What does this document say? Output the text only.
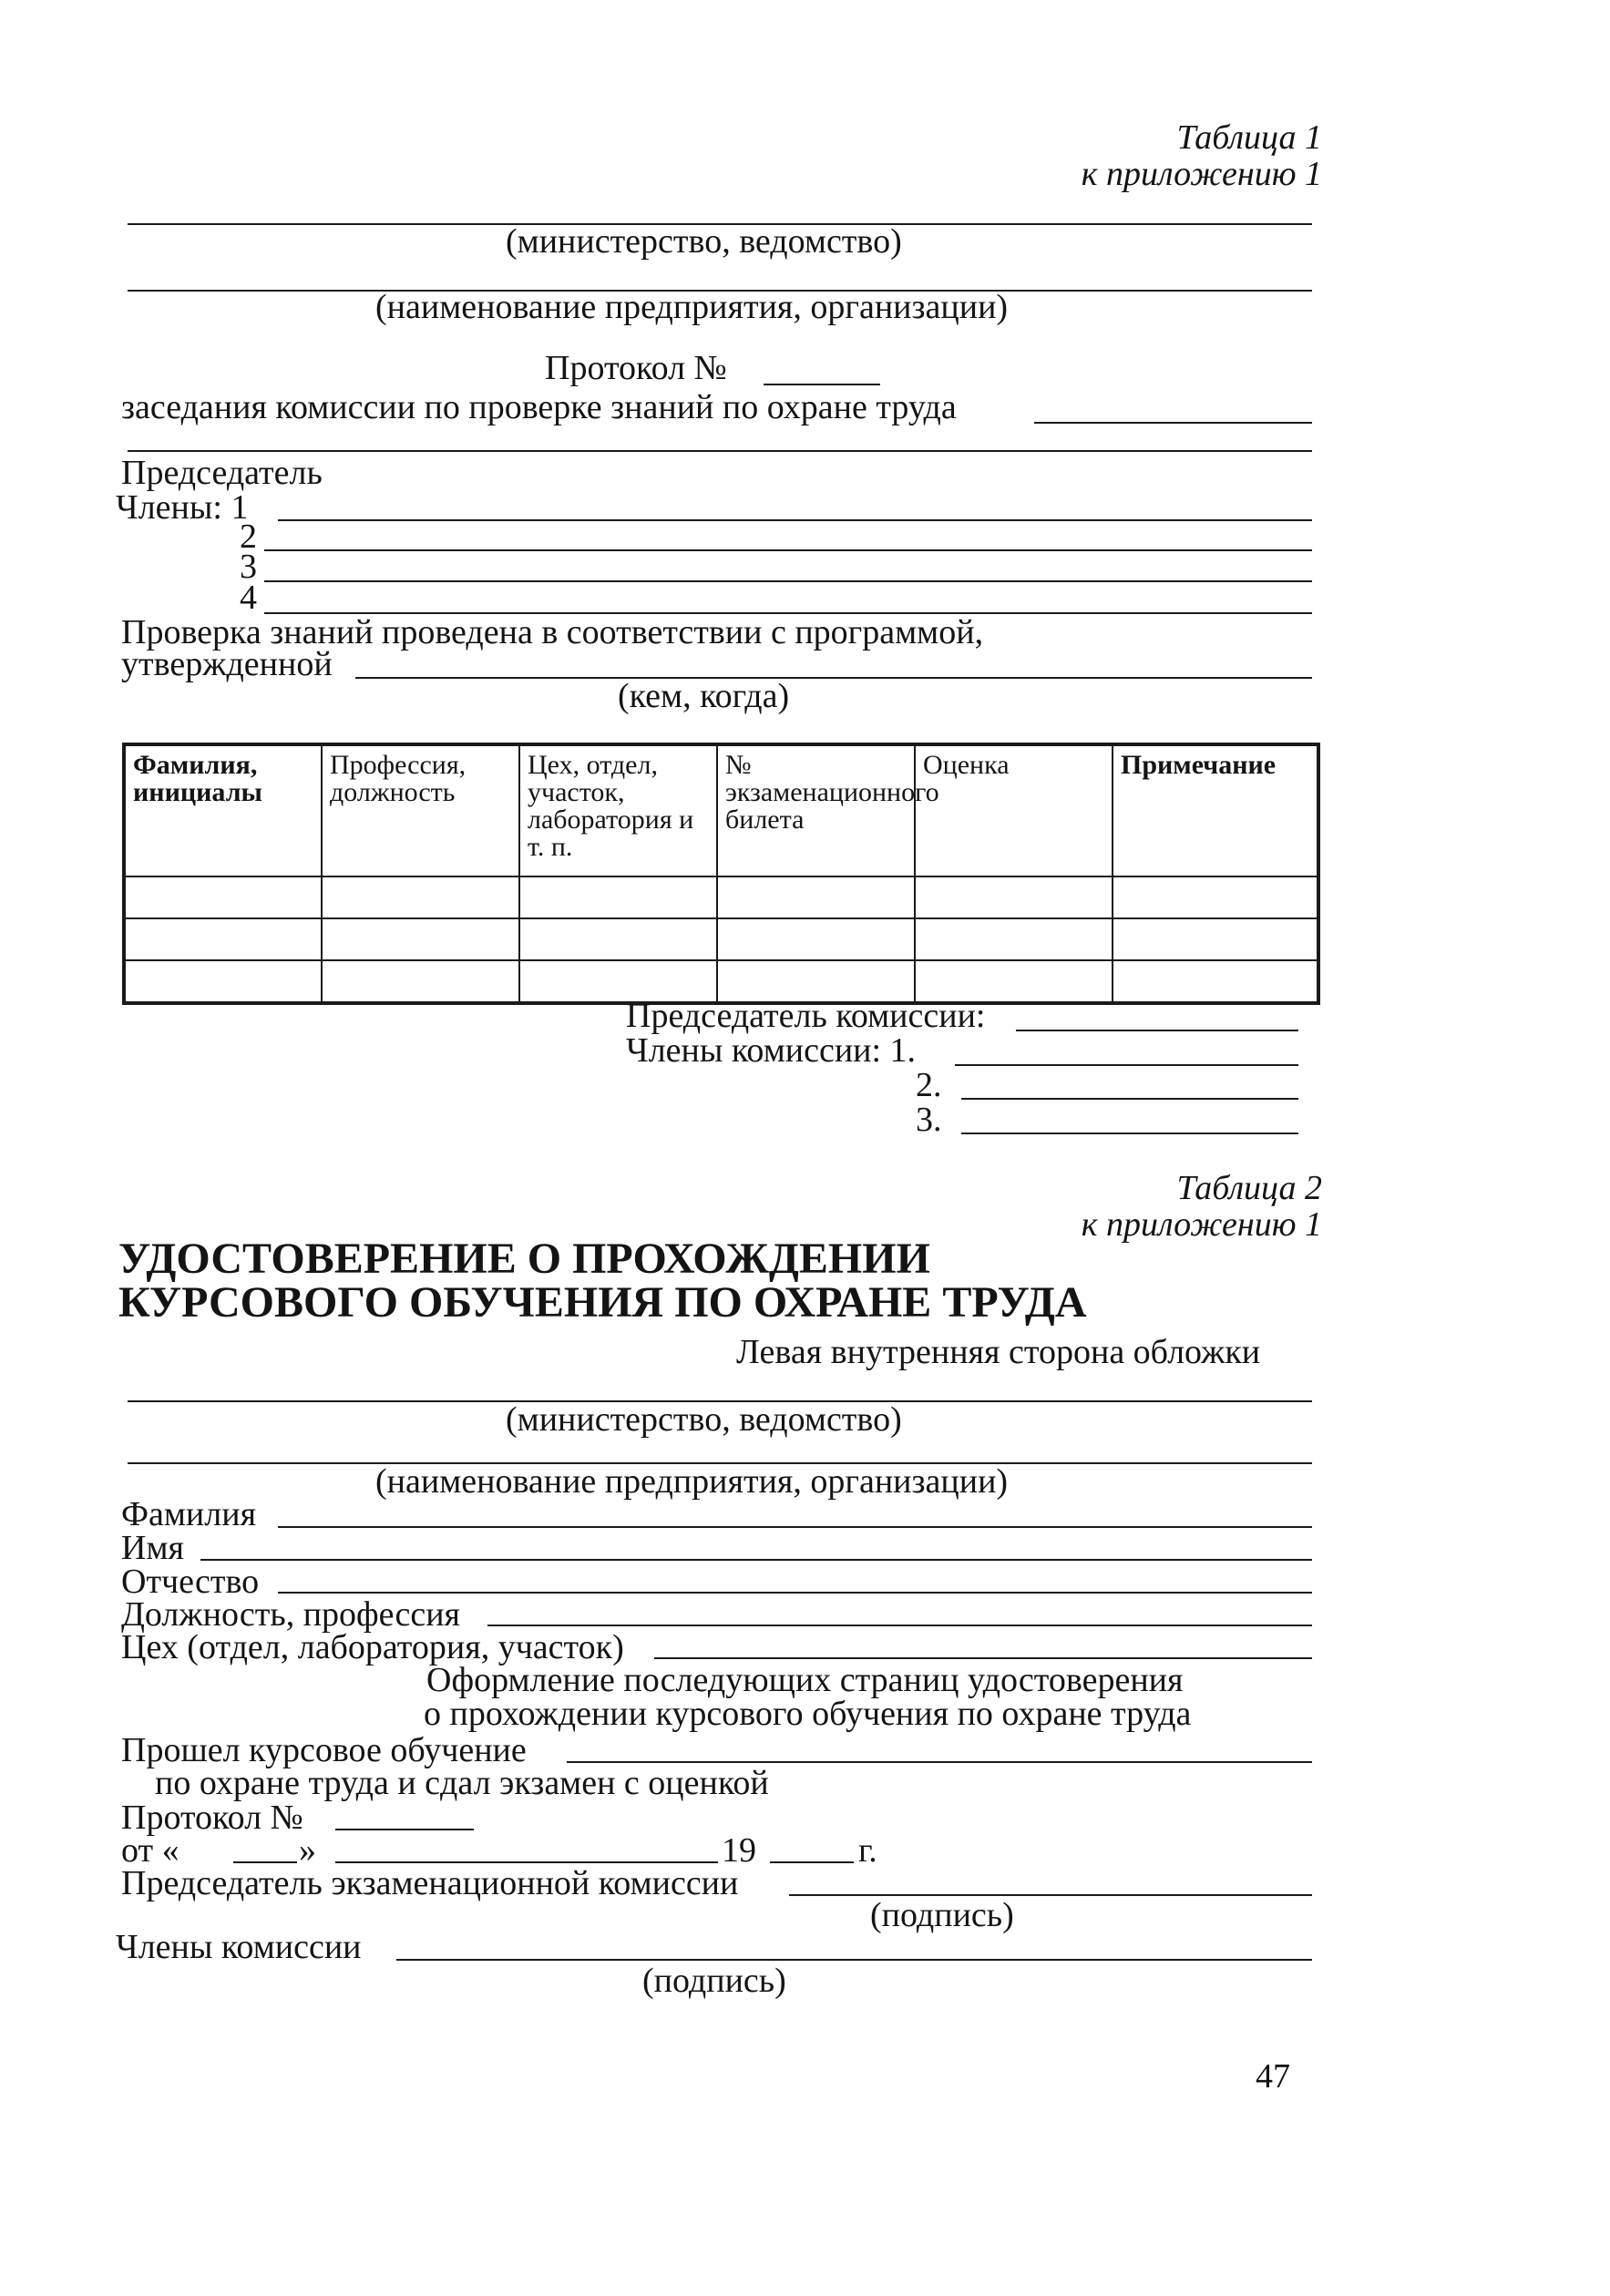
Таблица 1
к приложению 1
(министерство, ведомство)
(наименование предприятия, организации)
Протокол №
заседания комиссии по проверке знаний по охране труда
Председатель
Члены: 1
2
3
4
Проверка знаний проведена в соответствии с программой,
утвержденной
(кем, когда)
Фамилия, инициалы	Профессия, должность	Цех, отдел, участок, лаборатория и т. п.	№ экзаменационного билета	Оценка	Примечание

Председатель комиссии:
Члены комиссии: 1.
2.
3.
Таблица 2
к приложению 1
УДОСТОВЕРЕНИЕ О ПРОХОЖДЕНИИ КУРСОВОГО ОБУЧЕНИЯ ПО ОХРАНЕ ТРУДА
Левая внутренняя сторона обложки
(министерство, ведомство)
(наименование предприятия, организации)
Фамилия
Имя
Отчество
Должность, профессия
Цех (отдел, лаборатория, участок)
Оформление последующих страниц удостоверения
о прохождении курсового обучения по охране труда
Прошел курсовое обучение
по охране труда и сдал экзамен с оценкой
Протокол №
от «	»	19	г.
Председатель экзаменационной комиссии
(подпись)
Члены комиссии
(подпись)
47
